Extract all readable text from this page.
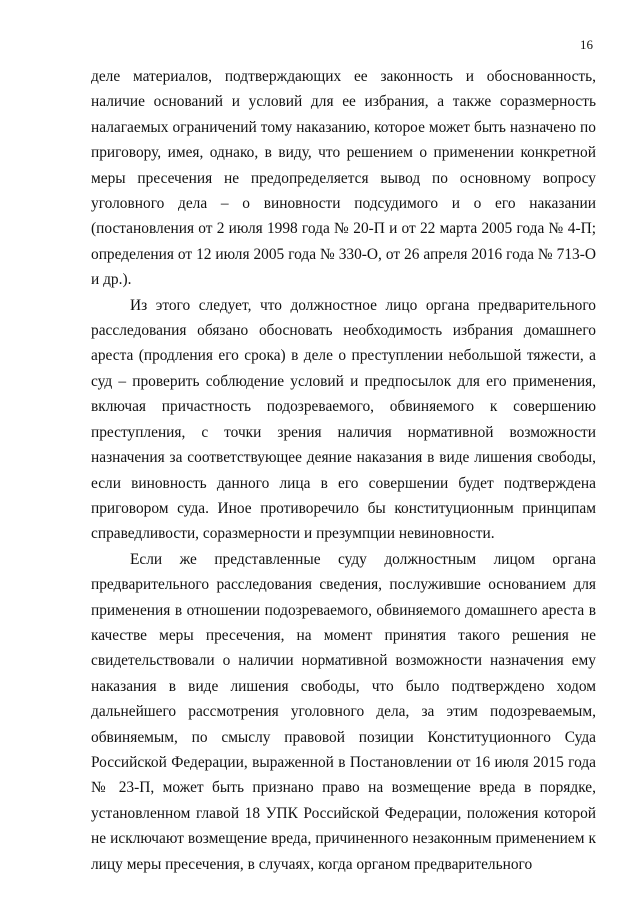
16

деле материалов, подтверждающих ее законность и обоснованность, наличие оснований и условий для ее избрания, а также соразмерность налагаемых ограничений тому наказанию, которое может быть назначено по приговору, имея, однако, в виду, что решением о применении конкретной меры пресечения не предопределяется вывод по основному вопросу уголовного дела – о виновности подсудимого и о его наказании (постановления от 2 июля 1998 года № 20-П и от 22 марта 2005 года № 4-П; определения от 12 июля 2005 года № 330-О, от 26 апреля 2016 года № 713-О и др.).

Из этого следует, что должностное лицо органа предварительного расследования обязано обосновать необходимость избрания домашнего ареста (продления его срока) в деле о преступлении небольшой тяжести, а суд – проверить соблюдение условий и предпосылок для его применения, включая причастность подозреваемого, обвиняемого к совершению преступления, с точки зрения наличия нормативной возможности назначения за соответствующее деяние наказания в виде лишения свободы, если виновность данного лица в его совершении будет подтверждена приговором суда. Иное противоречило бы конституционным принципам справедливости, соразмерности и презумпции невиновности.

Если же представленные суду должностным лицом органа предварительного расследования сведения, послужившие основанием для применения в отношении подозреваемого, обвиняемого домашнего ареста в качестве меры пресечения, на момент принятия такого решения не свидетельствовали о наличии нормативной возможности назначения ему наказания в виде лишения свободы, что было подтверждено ходом дальнейшего рассмотрения уголовного дела, за этим подозреваемым, обвиняемым, по смыслу правовой позиции Конституционного Суда Российской Федерации, выраженной в Постановлении от 16 июля 2015 года № 23-П, может быть признано право на возмещение вреда в порядке, установленном главой 18 УПК Российской Федерации, положения которой не исключают возмещение вреда, причиненного незаконным применением к лицу меры пресечения, в случаях, когда органом предварительного
